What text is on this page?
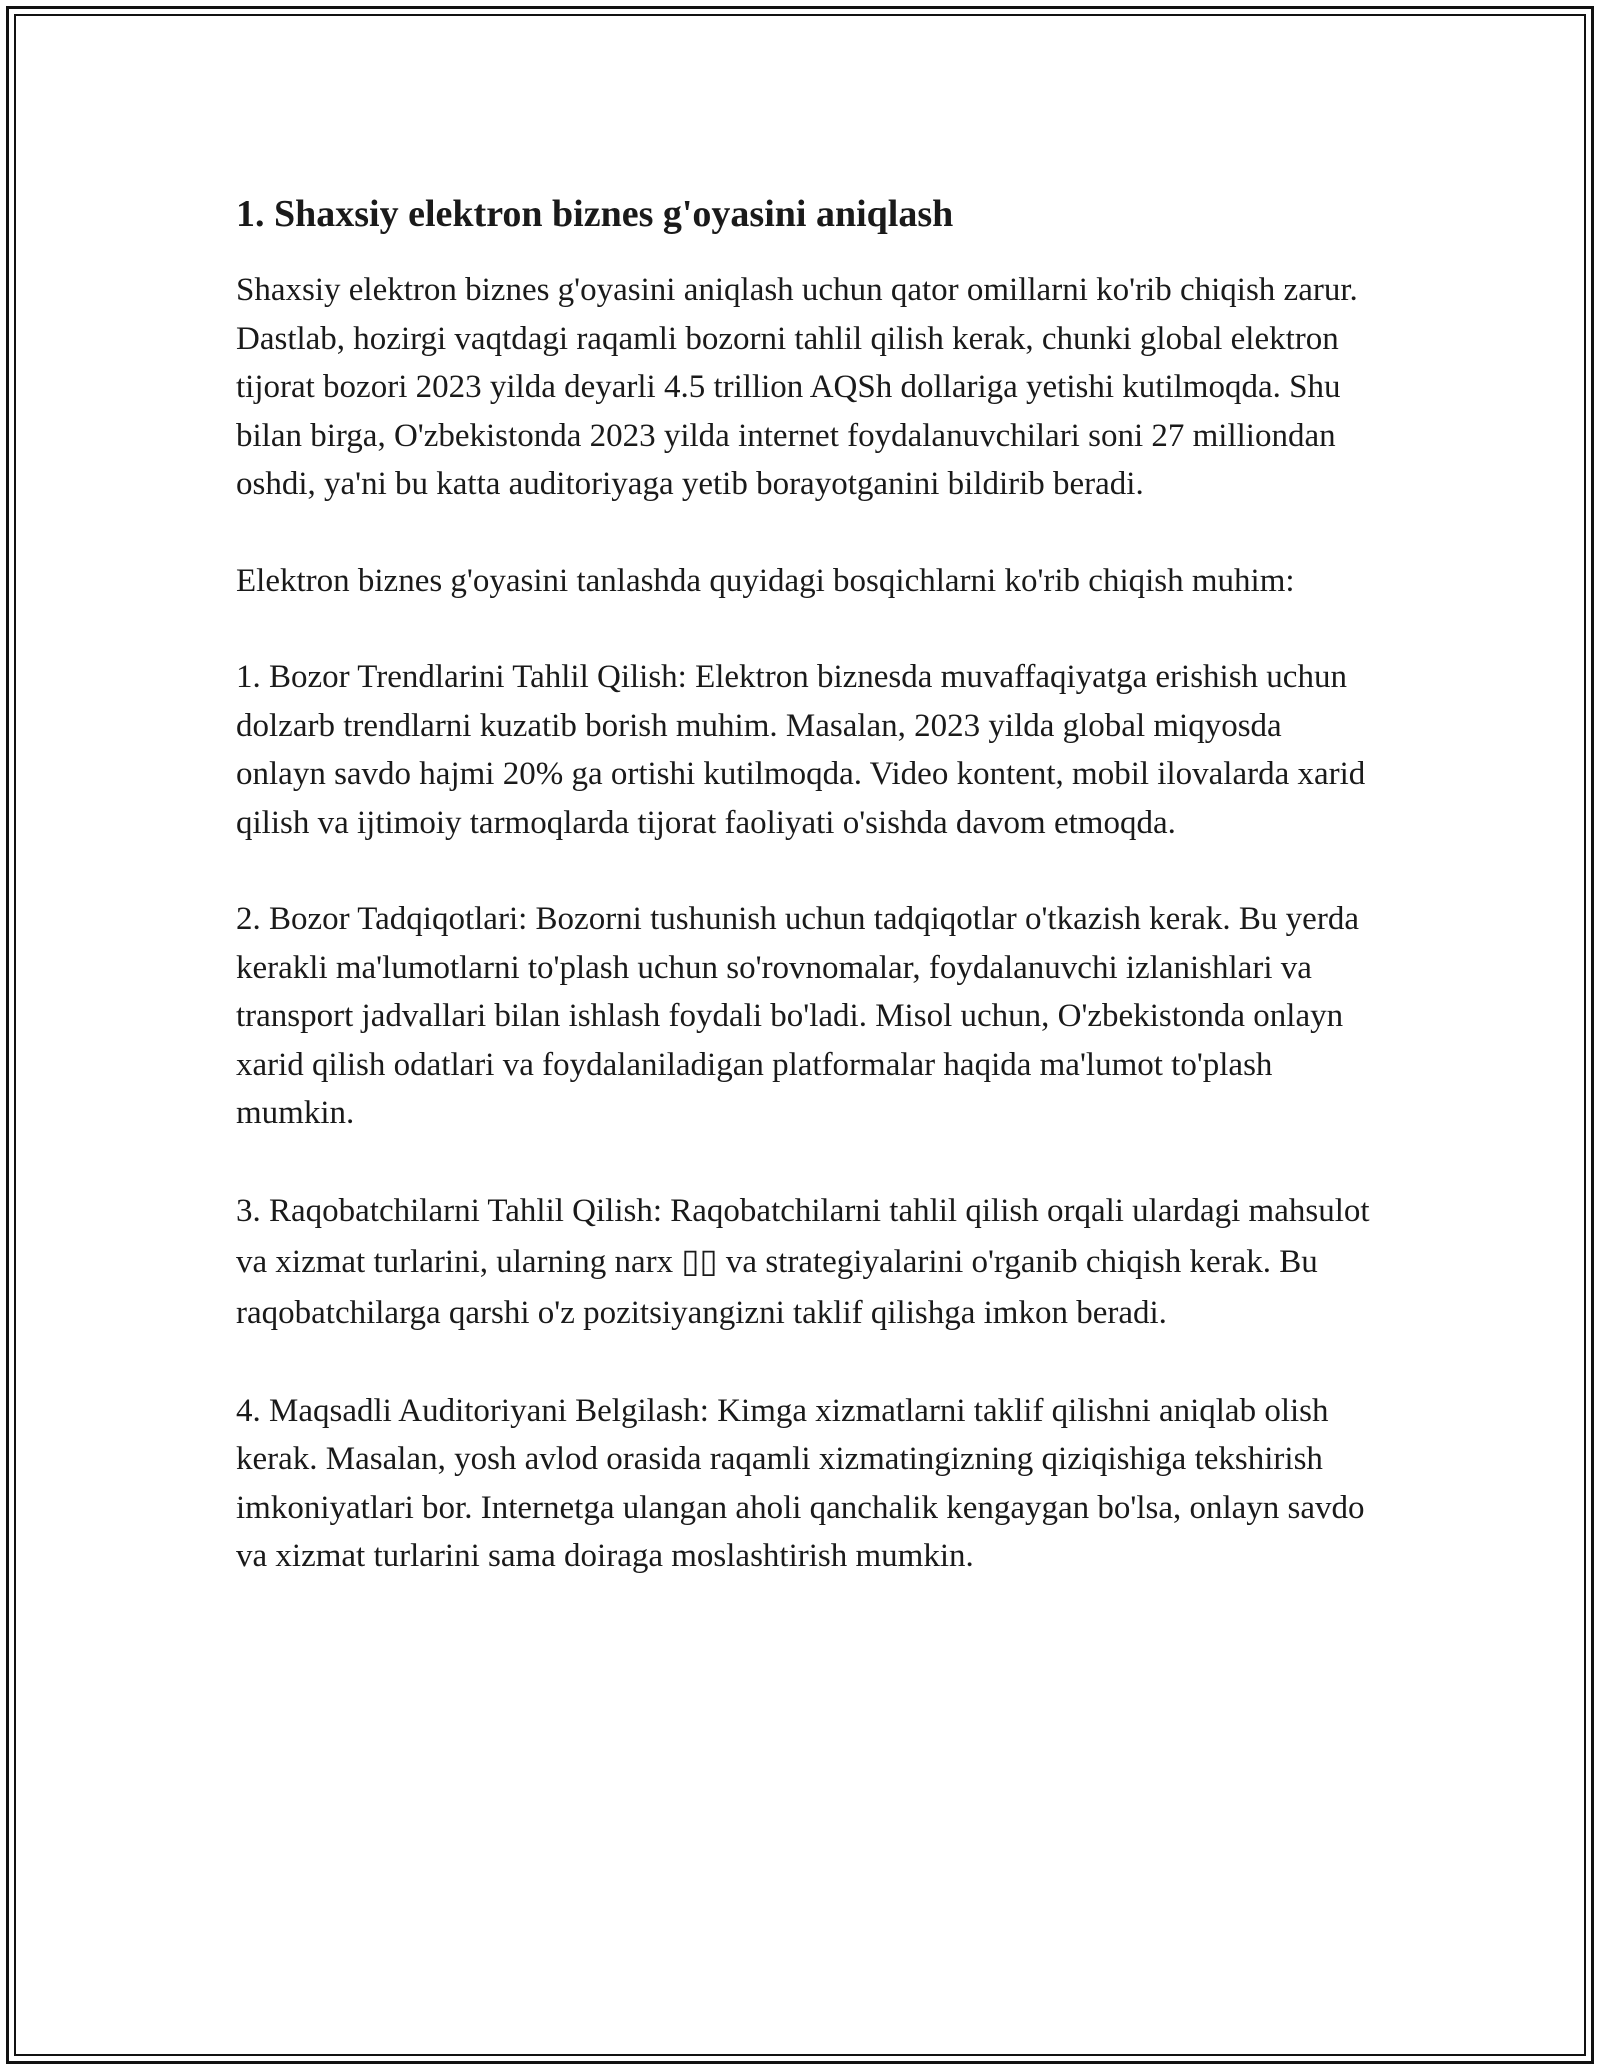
1. Shaxsiy elektron biznes g'oyasini aniqlash

Shaxsiy elektron biznes g'oyasini aniqlash uchun qator omillarni ko'rib chiqish zarur. Dastlab, hozirgi vaqtdagi raqamli bozorni tahlil qilish kerak, chunki global elektron tijorat bozori 2023 yilda deyarli 4.5 trillion AQSh dollariga yetishi kutilmoqda. Shu bilan birga, O'zbekistonda 2023 yilda internet foydalanuvchilari soni 27 milliondan oshdi, ya'ni bu katta auditoriyaga yetib borayotganini bildirib beradi.

Elektron biznes g'oyasini tanlashda quyidagi bosqichlarni ko'rib chiqish muhim:

1. Bozor Trendlarini Tahlil Qilish: Elektron biznesda muvaffaqiyatga erishish uchun dolzarb trendlarni kuzatib borish muhim. Masalan, 2023 yilda global miqyosda onlayn savdo hajmi 20% ga ortishi kutilmoqda. Video kontent, mobil ilovalarda xarid qilish va ijtimoiy tarmoqlarda tijorat faoliyati o'sishda davom etmoqda.

2. Bozor Tadqiqotlari: Bozorni tushunish uchun tadqiqotlar o'tkazish kerak. Bu yerda kerakli ma'lumotlarni to'plash uchun so'rovnomalar, foydalanuvchi izlanishlari va transport jadvallari bilan ishlash foydali bo'ladi. Misol uchun, O'zbekistonda onlayn xarid qilish odatlari va foydalaniladigan platformalar haqida ma'lumot to'plash mumkin.

3. Raqobatchilarni Tahlil Qilish: Raqobatchilarni tahlil qilish orqali ulardagi mahsulot va xizmat turlarini, ularning narx ▯▯ va strategiyalarini o'rganib chiqish kerak. Bu raqobatchilarga qarshi o'z pozitsiyangizni taklif qilishga imkon beradi.

4. Maqsadli Auditoriyani Belgilash: Kimga xizmatlarni taklif qilishni aniqlab olish kerak. Masalan, yosh avlod orasida raqamli xizmatingizning qiziqishiga tekshirish imkoniyatlari bor. Internetga ulangan aholi qanchalik kengaygan bo'lsa, onlayn savdo va xizmat turlarini sama doiraga moslashtirish mumkin.
